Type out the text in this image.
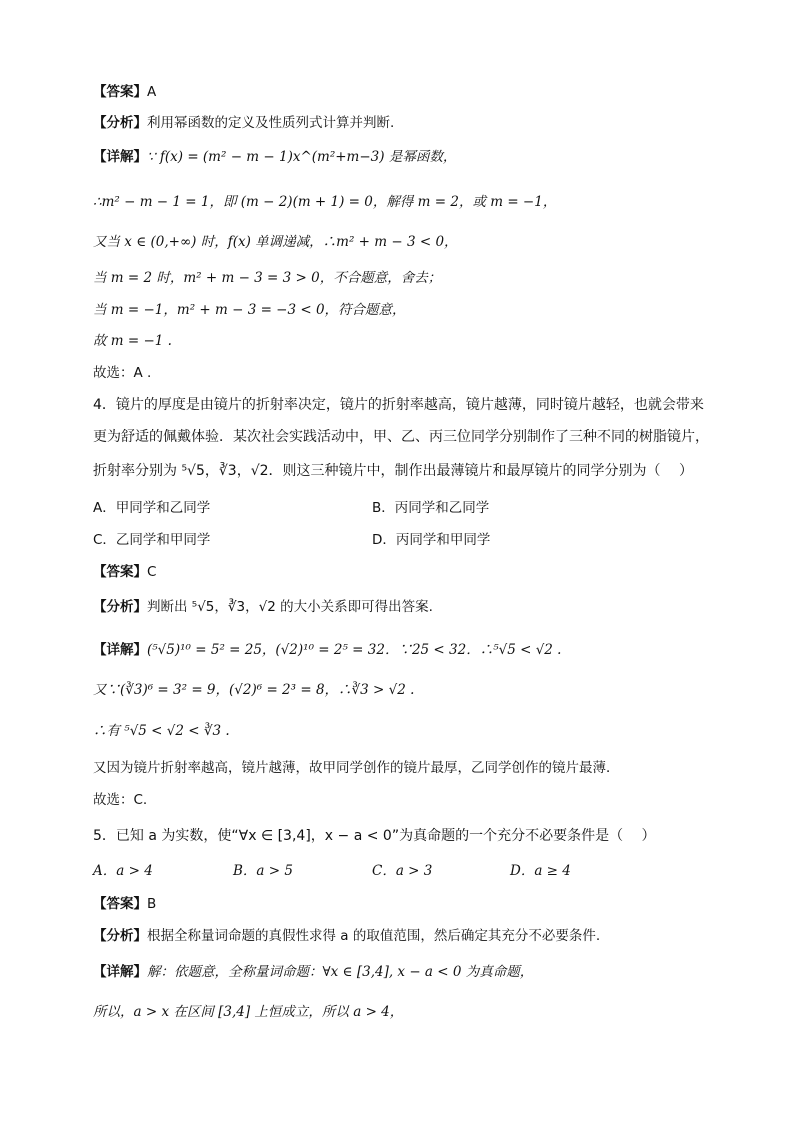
【答案】A
【分析】利用幂函数的定义及性质列式计算并判断.
【详解】∵ f(x) = (m² − m − 1)x^(m²+m−3) 是幂函数，
∴m² − m − 1 = 1，即 (m − 2)(m + 1) = 0，解得 m = 2，或 m = −1，
又当 x ∈ (0,+∞) 时，f(x) 单调递减，∴m² + m − 3 < 0，
当 m = 2 时，m² + m − 3 = 3 > 0，不合题意，舍去；
当 m = −1，m² + m − 3 = −3 < 0，符合题意，
故 m = −1 .
故选：A .
4．镜片的厚度是由镜片的折射率决定，镜片的折射率越高，镜片越薄，同时镜片越轻，也就会带来
更为舒适的佩戴体验．某次社会实践活动中，甲、乙、丙三位同学分别制作了三种不同的树脂镜片，
折射率分别为 ⁵√5，∛3，√2．则这三种镜片中，制作出最薄镜片和最厚镜片的同学分别为（　 ）
A．甲同学和乙同学	B．丙同学和乙同学
C．乙同学和甲同学	D．丙同学和甲同学
【答案】C
【分析】判断出 ⁵√5，∛3，√2 的大小关系即可得出答案.
【详解】(⁵√5)¹⁰ = 5² = 25，(√2)¹⁰ = 2⁵ = 32．∵25 < 32．∴⁵√5 < √2 .
又∵(∛3)⁶ = 3² = 9，(√2)⁶ = 2³ = 8，∴∛3 > √2 .
∴有 ⁵√5 < √2 < ∛3 .
又因为镜片折射率越高，镜片越薄，故甲同学创作的镜片最厚，乙同学创作的镜片最薄．
故选：C.
5．已知 a 为实数，使“∀x ∈ [3,4]，x − a < 0”为真命题的一个充分不必要条件是（　 ）
A．a > 4	B．a > 5	C．a > 3	D．a ≥ 4
【答案】B
【分析】根据全称量词命题的真假性求得 a 的取值范围，然后确定其充分不必要条件.
【详解】解：依题意，全称量词命题：∀x ∈ [3,4], x − a < 0 为真命题，
所以，a > x 在区间 [3,4] 上恒成立，所以 a > 4，
